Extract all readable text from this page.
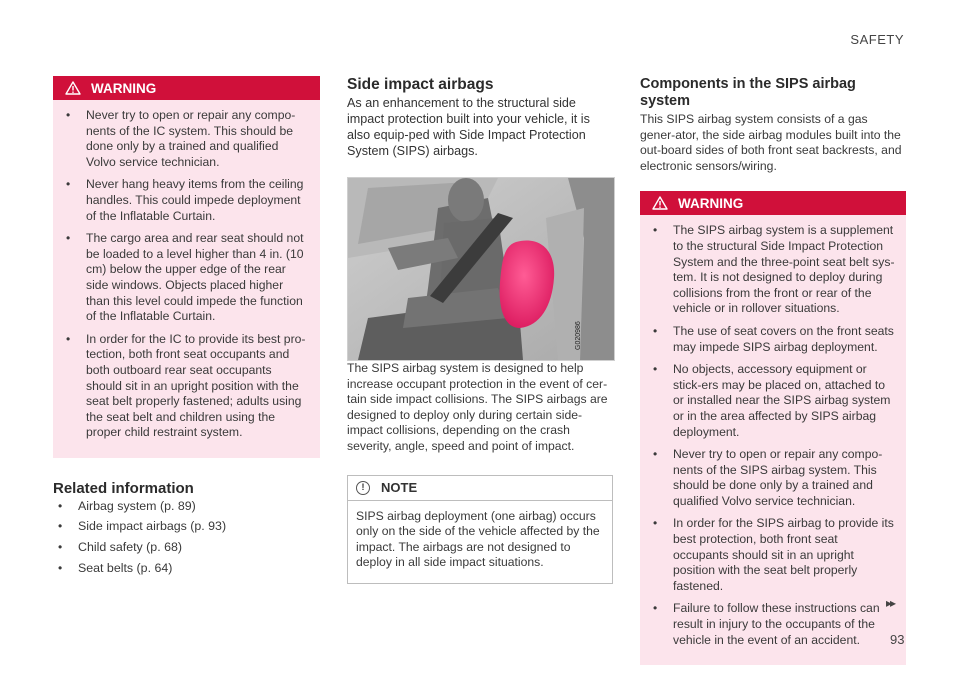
SAFETY
WARNING
• Never try to open or repair any compo-nents of the IC system. This should be done only by a trained and qualified Volvo service technician.
• Never hang heavy items from the ceiling handles. This could impede deployment of the Inflatable Curtain.
• The cargo area and rear seat should not be loaded to a level higher than 4 in. (10 cm) below the upper edge of the rear side windows. Objects placed higher than this level could impede the function of the Inflatable Curtain.
• In order for the IC to provide its best pro-tection, both front seat occupants and both outboard rear seat occupants should sit in an upright position with the seat belt properly fastened; adults using the seat belt and children using the proper child restraint system.
Related information
• Airbag system (p. 89)
• Side impact airbags (p. 93)
• Child safety (p. 68)
• Seat belts (p. 64)
Side impact airbags

As an enhancement to the structural side impact protection built into your vehicle, it is also equip-ped with Side Impact Protection System (SIPS) airbags.

G020986

The SIPS airbag system is designed to help increase occupant protection in the event of cer-tain side impact collisions. The SIPS airbags are designed to deploy only during certain side-impact collisions, depending on the crash severity, angle, speed and point of impact.

!	NOTE

SIPS airbag deployment (one airbag) occurs only on the side of the vehicle affected by the impact. The airbags are not designed to deploy in all side impact situations.

Components in the SIPS airbag system

This SIPS airbag system consists of a gas gener-ator, the side airbag modules built into the out-board sides of both front seat backrests, and electronic sensors/wiring.

WARNING
• The SIPS airbag system is a supplement to the structural Side Impact Protection System and the three-point seat belt sys-tem. It is not designed to deploy during collisions from the front or rear of the vehicle or in rollover situations.
• The use of seat covers on the front seats may impede SIPS airbag deployment.
• No objects, accessory equipment or stick-ers may be placed on, attached to or installed near the SIPS airbag system or in the area affected by SIPS airbag deployment.
• Never try to open or repair any compo-nents of the SIPS airbag system. This should be done only by a trained and qualified Volvo service technician.
• In order for the SIPS airbag to provide its best protection, both front seat occupants should sit in an upright position with the seat belt properly fastened.
• Failure to follow these instructions can result in injury to the occupants of the vehicle in the event of an accident.
▸▸
93
